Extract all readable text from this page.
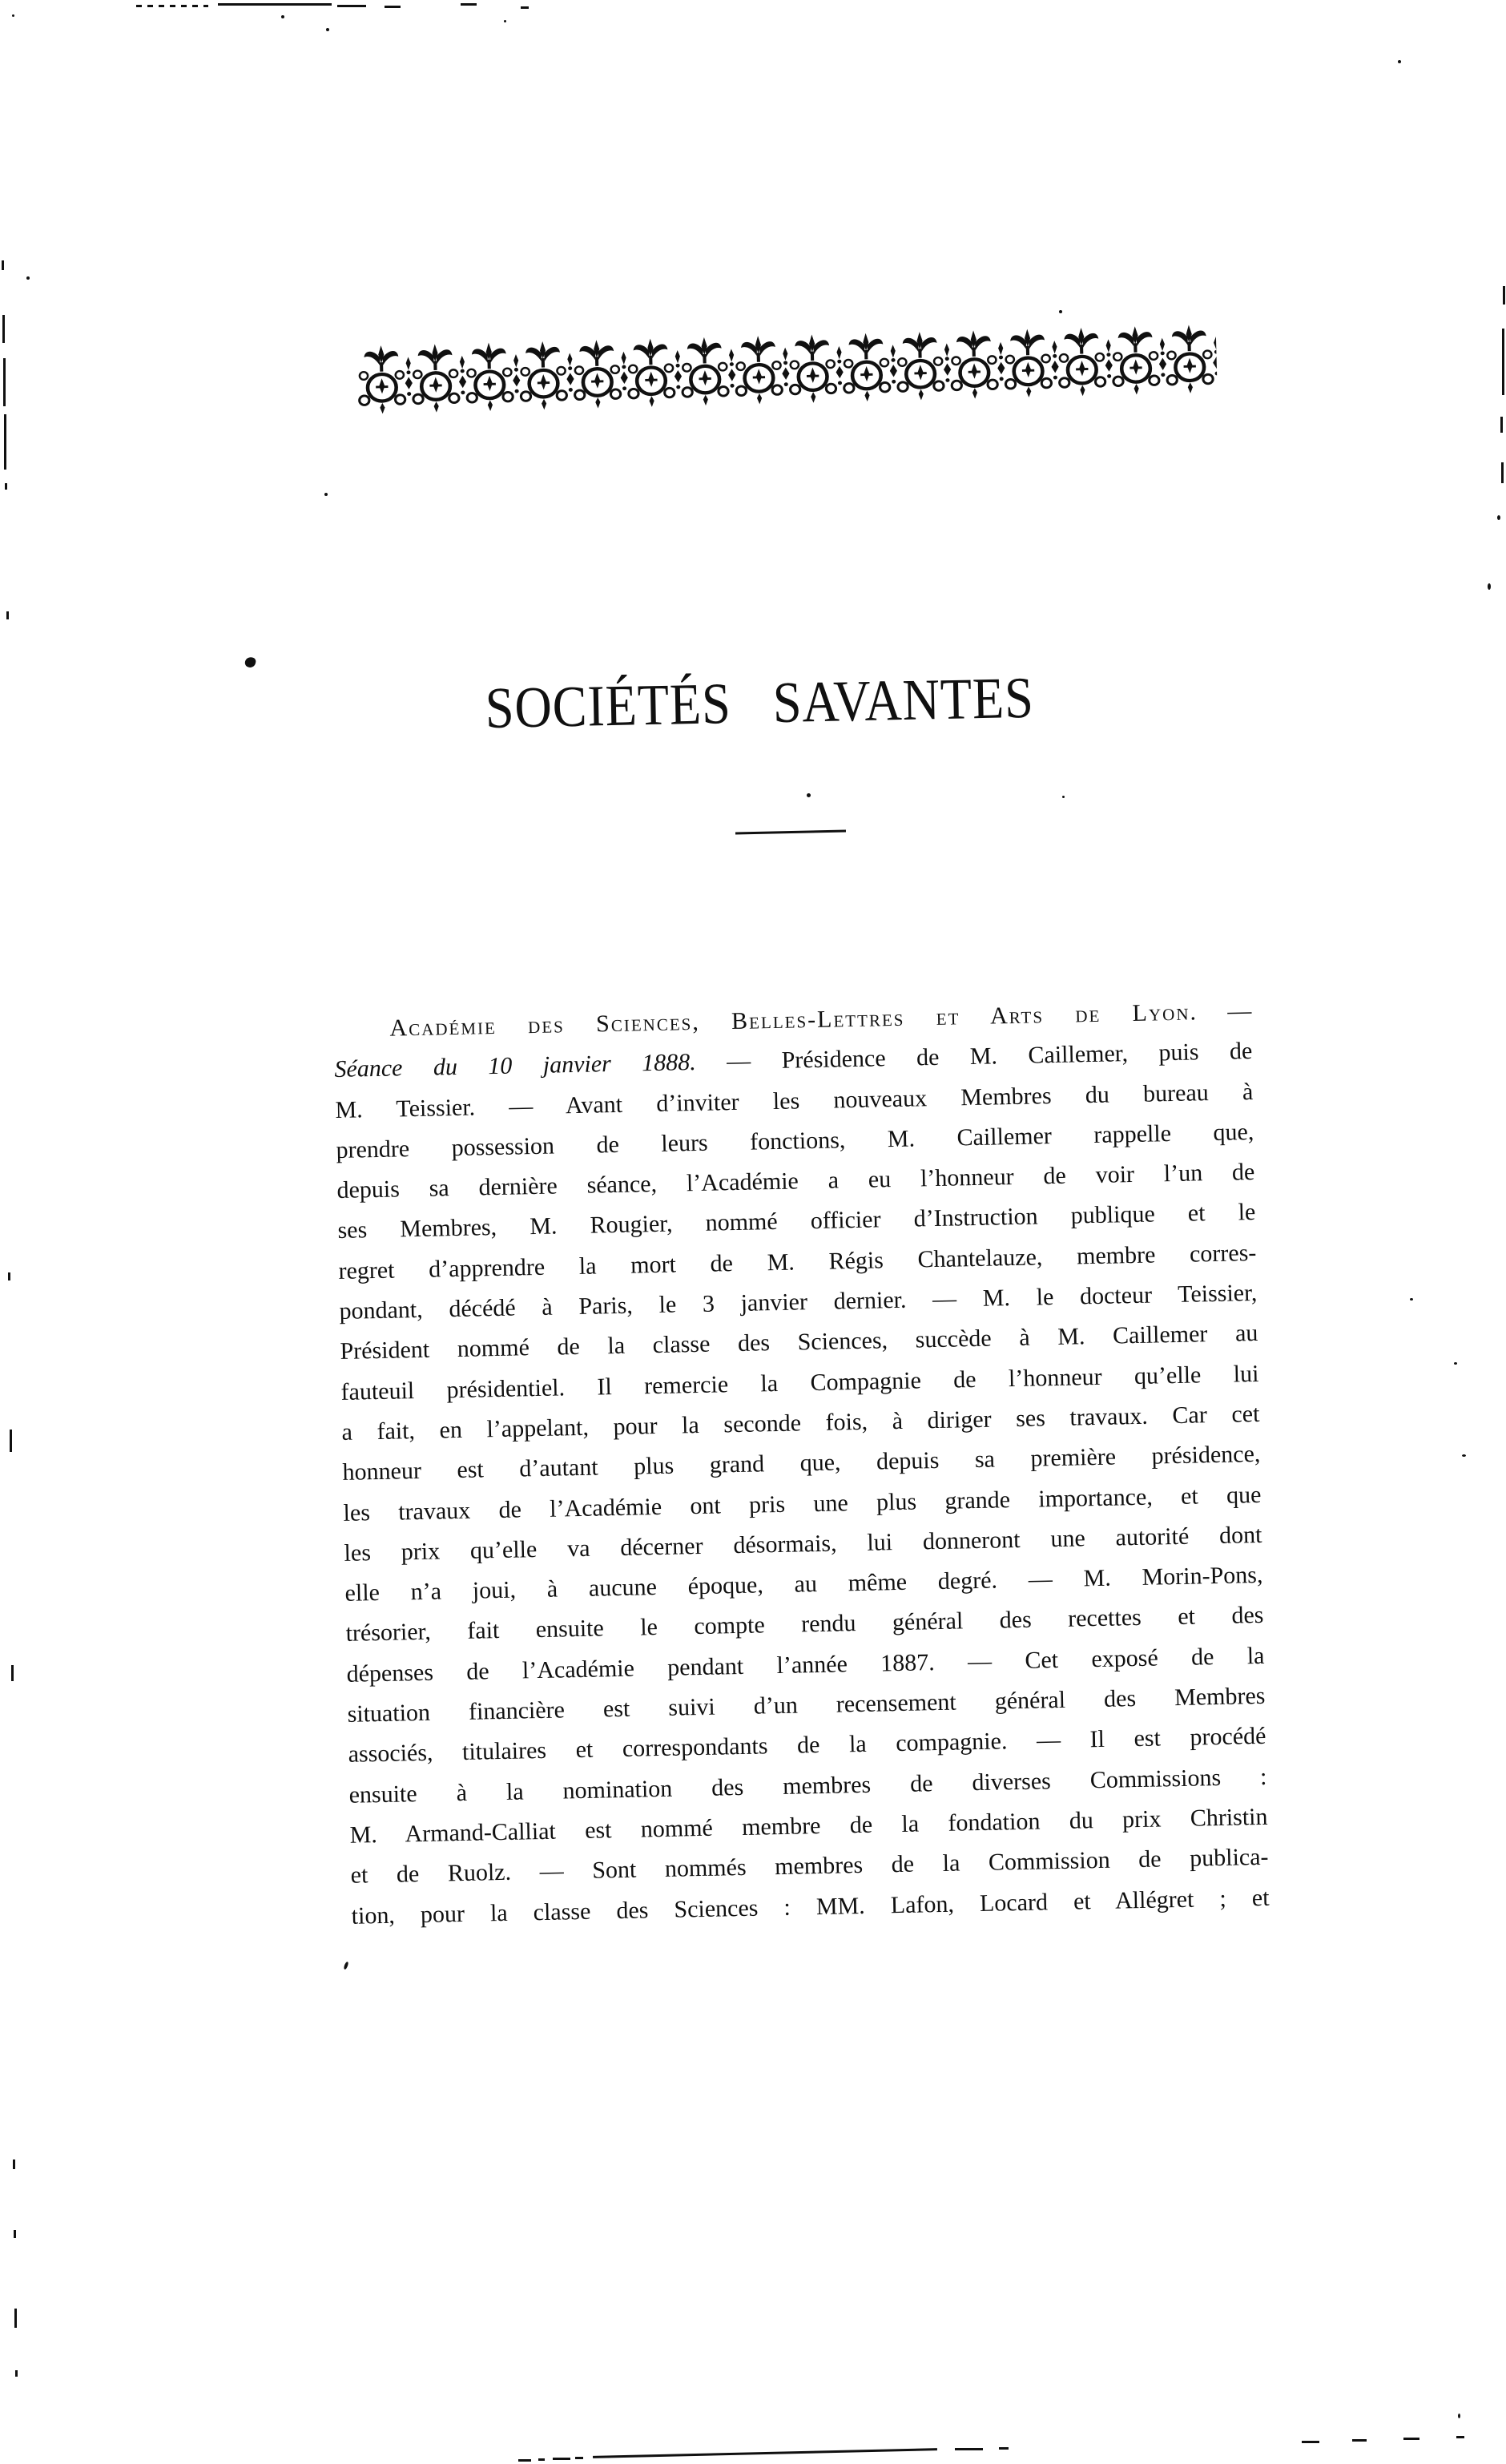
SOCIÉTÉS SAVANTES
Académie des Sciences, Belles-Lettres et Arts de Lyon. —
Séance du 10 janvier 1888. — Présidence de M. Caillemer, puis de
M. Teissier. — Avant d’inviter les nouveaux Membres du bureau à
prendre possession de leurs fonctions, M. Caillemer rappelle que,
depuis sa dernière séance, l’Académie a eu l’honneur de voir l’un de
ses Membres, M. Rougier, nommé officier d’Instruction publique et le
regret d’apprendre la mort de M. Régis Chantelauze, membre corres-
pondant, décédé à Paris, le 3 janvier dernier. — M. le docteur Teissier,
Président nommé de la classe des Sciences, succède à M. Caillemer au
fauteuil présidentiel. Il remercie la Compagnie de l’honneur qu’elle lui
a fait, en l’appelant, pour la seconde fois, à diriger ses travaux. Car cet
honneur est d’autant plus grand que, depuis sa première présidence,
les travaux de l’Académie ont pris une plus grande importance, et que
les prix qu’elle va décerner désormais, lui donneront une autorité dont
elle n’a joui, à aucune époque, au même degré. — M. Morin-Pons,
trésorier, fait ensuite le compte rendu général des recettes et des
dépenses de l’Académie pendant l’année 1887. — Cet exposé de la
situation financière est suivi d’un recensement général des Membres
associés, titulaires et correspondants de la compagnie. — Il est procédé
ensuite à la nomination des membres de diverses Commissions :
M. Armand-Calliat est nommé membre de la fondation du prix Christin
et de Ruolz. — Sont nommés membres de la Commission de publica-
tion, pour la classe des Sciences : MM. Lafon, Locard et Allégret ; et
